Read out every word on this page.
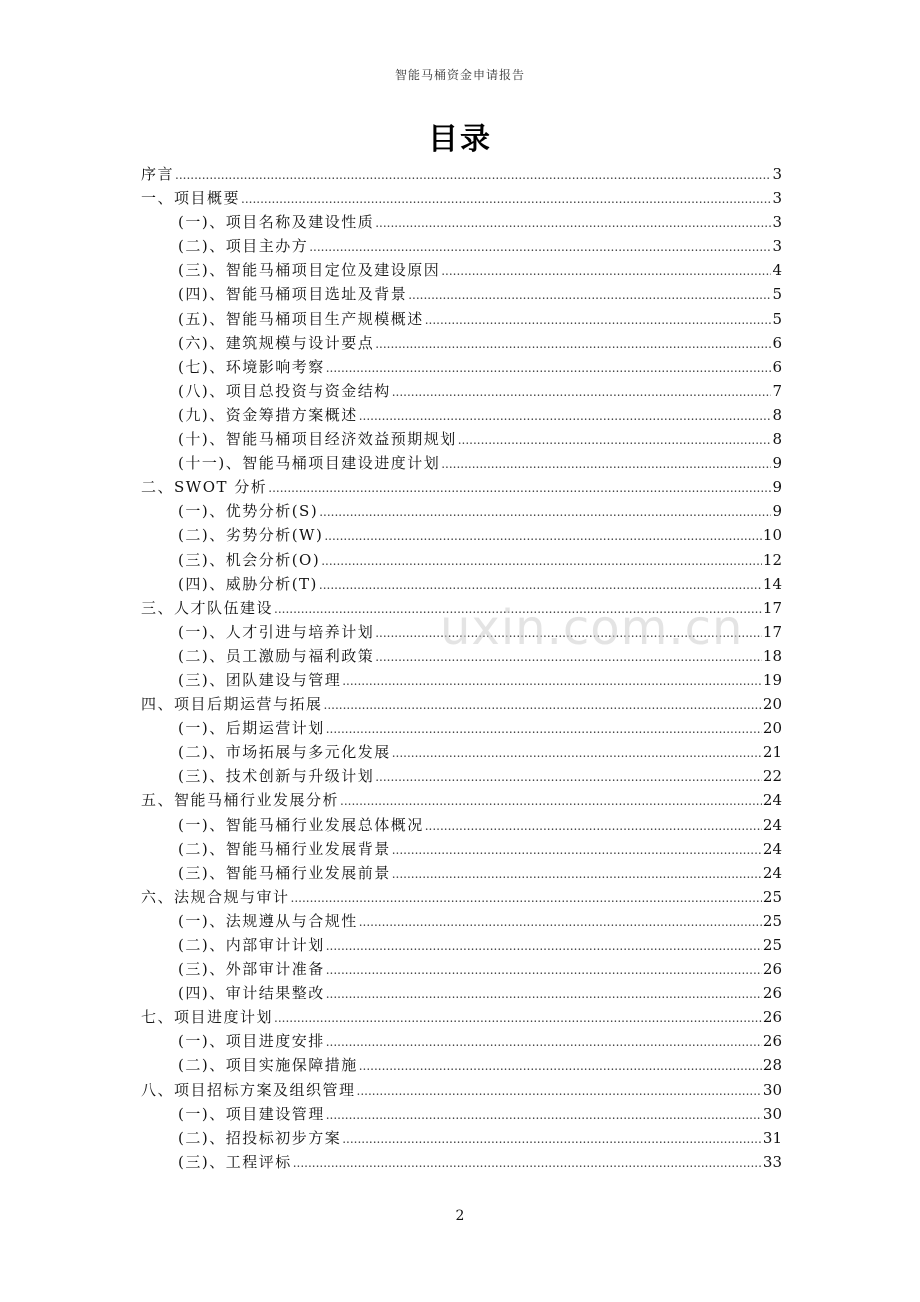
智能马桶资金申请报告
目录
序言 .....	3
一、项目概要 .....	3
(一)、项目名称及建设性质 .....	3
(二)、项目主办方 .....	3
(三)、智能马桶项目定位及建设原因 .....	4
(四)、智能马桶项目选址及背景 .....	5
(五)、智能马桶项目生产规模概述 .....	5
(六)、建筑规模与设计要点 .....	6
(七)、环境影响考察 .....	6
(八)、项目总投资与资金结构 .....	7
(九)、资金筹措方案概述 .....	8
(十)、智能马桶项目经济效益预期规划 .....	8
(十一)、智能马桶项目建设进度计划 .....	9
二、SWOT 分析 .....	9
(一)、优势分析(S) .....	9
(二)、劣势分析(W) .....	10
(三)、机会分析(O) .....	12
(四)、威胁分析(T) .....	14
三、人才队伍建设 .....	17
(一)、人才引进与培养计划 .....	17
(二)、员工激励与福利政策 .....	18
(三)、团队建设与管理 .....	19
四、项目后期运营与拓展 .....	20
(一)、后期运营计划 .....	20
(二)、市场拓展与多元化发展 .....	21
(三)、技术创新与升级计划 .....	22
五、智能马桶行业发展分析 .....	24
(一)、智能马桶行业发展总体概况 .....	24
(二)、智能马桶行业发展背景 .....	24
(三)、智能马桶行业发展前景 .....	24
六、法规合规与审计 .....	25
(一)、法规遵从与合规性 .....	25
(二)、内部审计计划 .....	25
(三)、外部审计准备 .....	26
(四)、审计结果整改 .....	26
七、项目进度计划 .....	26
(一)、项目进度安排 .....	26
(二)、项目实施保障措施 .....	28
八、项目招标方案及组织管理 .....	30
(一)、项目建设管理 .....	30
(二)、招投标初步方案 .....	31
(三)、工程评标 .....	33
uxin.com.cn
2
